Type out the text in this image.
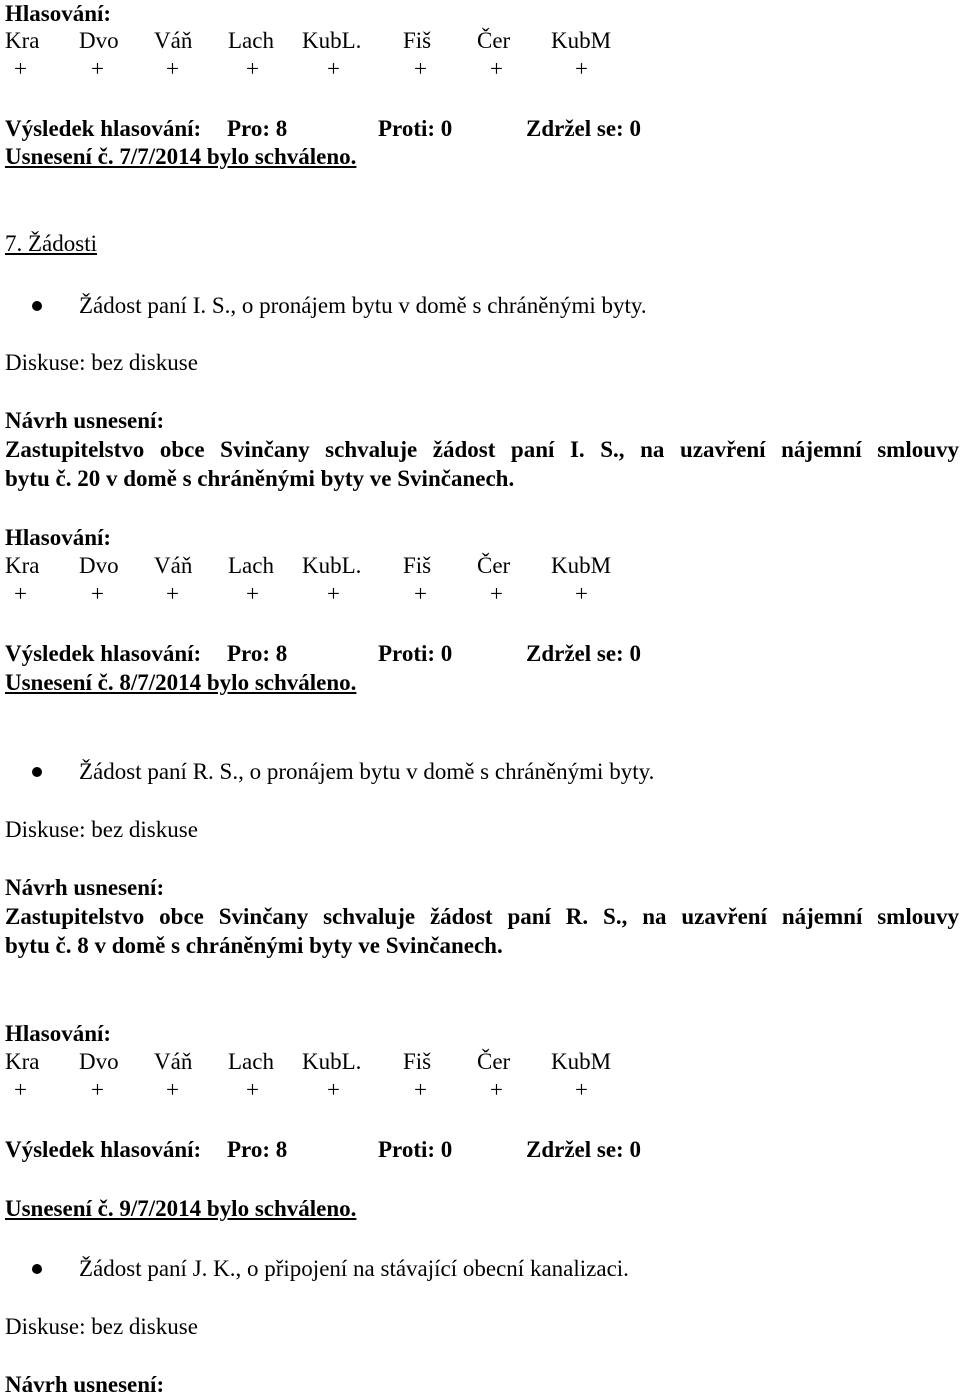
Hlasování:
Kra Dvo Váň Lach KubL. Fiš Čer KubM
+	+	+	+	+	+	+	+
Výsledek hlasování: Pro: 8	Proti: 0	Zdržel se: 0
Usnesení č. 7/7/2014 bylo schváleno.
7. Žádosti
Žádost paní I. S., o pronájem bytu v domě s chráněnými byty.
Diskuse: bez diskuse
Návrh usnesení:
Zastupitelstvo obce Svinčany schvaluje žádost paní I. S., na uzavření nájemní smlouvy
bytu č. 20 v domě s chráněnými byty ve Svinčanech.
Hlasování:
Kra Dvo Váň Lach KubL. Fiš Čer KubM
+	+	+	+	+	+	+	+
Výsledek hlasování: Pro: 8	Proti: 0	Zdržel se: 0
Usnesení č. 8/7/2014 bylo schváleno.
Žádost paní R. S., o pronájem bytu v domě s chráněnými byty.
Diskuse: bez diskuse
Návrh usnesení:
Zastupitelstvo obce Svinčany schvaluje žádost paní R. S., na uzavření nájemní smlouvy
bytu č. 8 v domě s chráněnými byty ve Svinčanech.
Hlasování:
Kra Dvo Váň Lach KubL. Fiš Čer KubM
+	+	+	+	+	+	+	+
Výsledek hlasování: Pro: 8	Proti: 0	Zdržel se: 0
Usnesení č. 9/7/2014 bylo schváleno.
Žádost paní J. K., o připojení na stávající obecní kanalizaci.
Diskuse: bez diskuse
Návrh usnesení:
